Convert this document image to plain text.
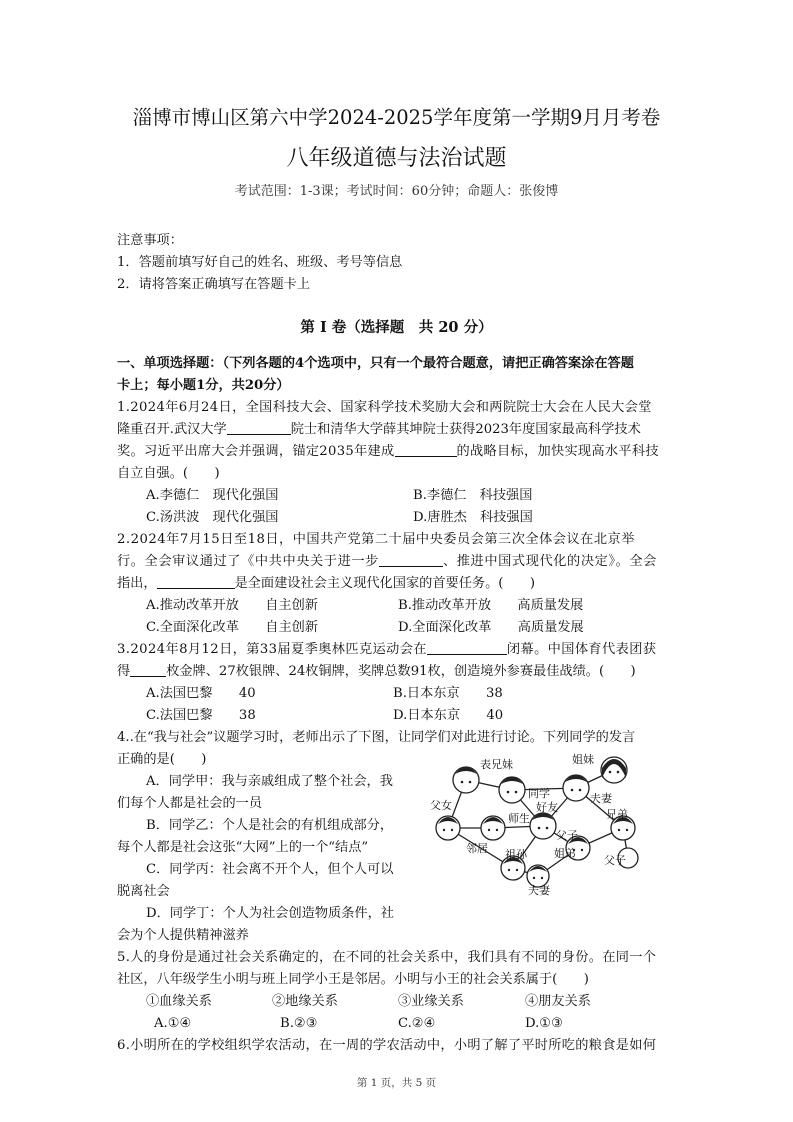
淄博市博山区第六中学2024-2025学年度第一学期9月月考卷
八年级道德与法治试题
考试范围：1-3课；考试时间：60分钟；命题人：张俊博
注意事项：
1．答题前填写好自己的姓名、班级、考号等信息
2．请将答案正确填写在答题卡上
第 I 卷（选择题　共 20 分）
一、单项选择题：（下列各题的4个选项中，只有一个最符合题意，请把正确答案涂在答题
卡上；每小题1分，共20分）
1.2024年6月24日，全国科技大会、国家科学技术奖励大会和两院院士大会在人民大会堂
隆重召开.武汉大学	院士和清华大学薛其坤院士获得2023年度国家最高科学技术
奖。习近平出席大会并强调，锚定2035年建成	的战略目标，加快实现高水平科技
自立自强。(　　)
A.李德仁　现代化强国	B.李德仁　科技强国
C.汤洪波　现代化强国	D.唐胜杰　科技强国
2.2024年7月15日至18日，中国共产党第二十届中央委员会第三次全体会议在北京举
行。全会审议通过了《中共中央关于进一步	、推进中国式现代化的决定》。全会
指出，	是全面建设社会主义现代化国家的首要任务。(　　)
A.推动改革开放　　自主创新	B.推动改革开放　　高质量发展
C.全面深化改革　　自主创新	D.全面深化改革　　高质量发展
3.2024年8月12日，第33届夏季奥林匹克运动会在	闭幕。中国体育代表团获
得	枚金牌、27枚银牌、24枚铜牌，奖牌总数91枚，创造境外参赛最佳战绩。(　　)
A.法国巴黎　　40	B.日本东京　　38
C.法国巴黎　　38	D.日本东京　　40
4..在“我与社会”议题学习时，老师出示了下图，让同学们对此进行讨论。下列同学的发言
正确的是(　　)
A．同学甲：我与亲戚组成了整个社会，我
们每个人都是社会的一员
B．同学乙：个人是社会的有机组成部分，
每个人都是社会这张“大网”上的一个“结点”
C．同学丙：社会离不开个人，但个人可以
脱离社会
D．同学丁：个人为社会创造物质条件，社
会为个人提供精神滋养
表兄妹	姐妹
父女
同学	夫妻
师生
好友
兄弟
父子
邻居 祖孙 姐弟
父子
夫妻
5.人的身份是通过社会关系确定的，在不同的社会关系中，我们具有不同的身份。在同一个
社区，八年级学生小明与班上同学小王是邻居。小明与小王的社会关系属于(　　)
①血缘关系	②地缘关系	③业缘关系	④朋友关系
A.①④	B.②③	C.②④	D.①③
6.小明所在的学校组织学农活动，在一周的学农活动中，小明了解了平时所吃的粮食是如何
第 1 页，共 5 页
